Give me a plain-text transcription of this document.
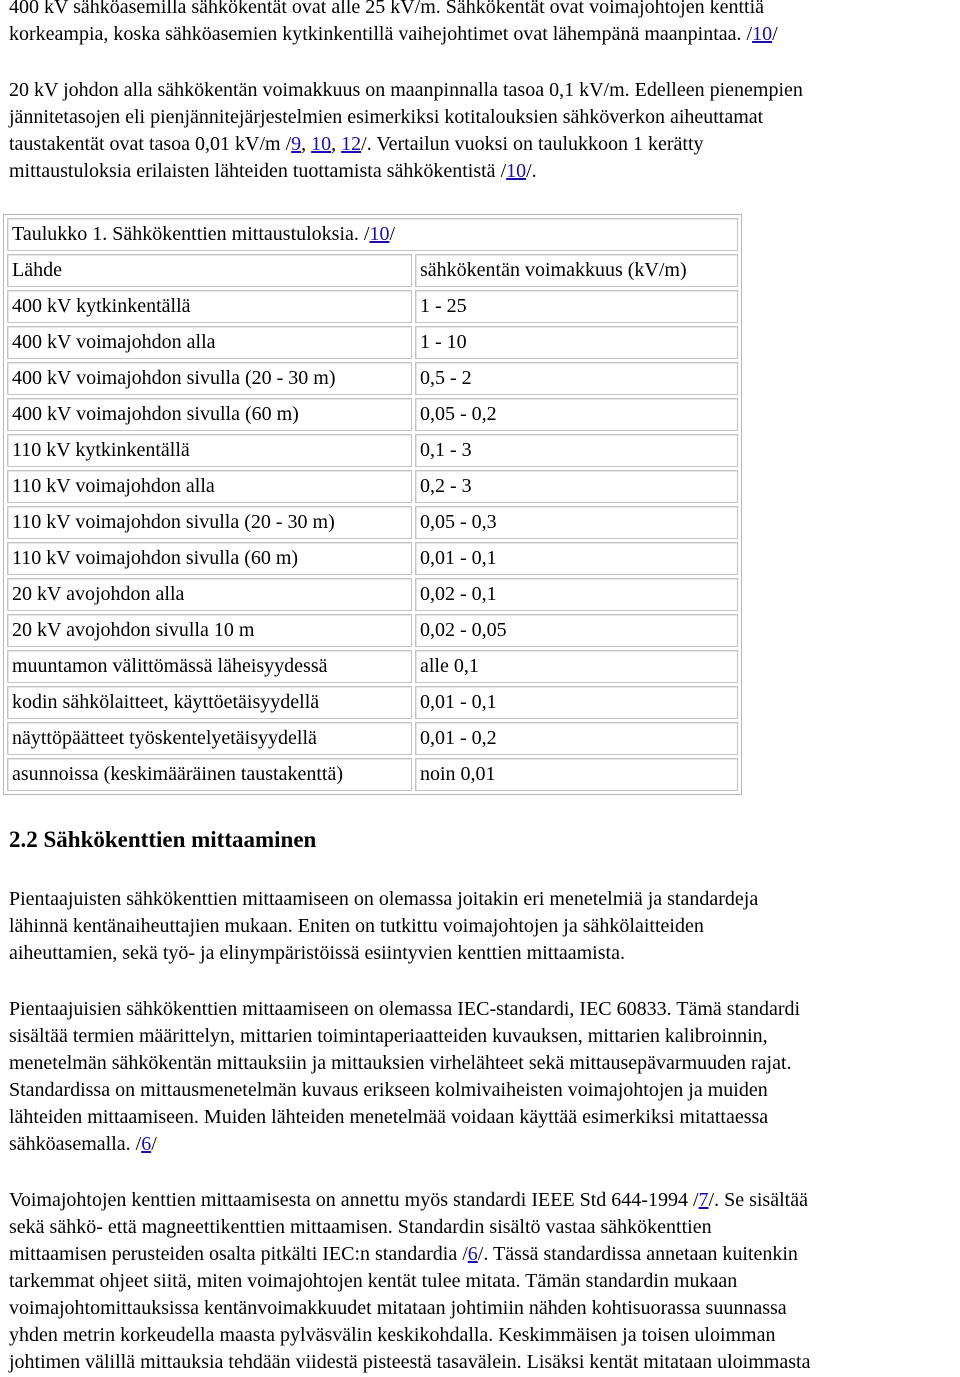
400 kV sähköasemilla sähkökentät ovat alle 25 kV/m. Sähkökentät ovat voimajohtojen kenttiä
korkeampia, koska sähköasemien kytkinkentillä vaihejohtimet ovat lähempänä maanpintaa. /10/

20 kV johdon alla sähkökentän voimakkuus on maanpinnalla tasoa 0,1 kV/m. Edelleen pienempien
jännitetasojen eli pienjännitejärjestelmien esimerkiksi kotitalouksien sähköverkon aiheuttamat
taustakentät ovat tasoa 0,01 kV/m /9, 10, 12/. Vertailun vuoksi on taulukkoon 1 kerätty
mittaustuloksia erilaisten lähteiden tuottamista sähkökentistä /10/.

Taulukko 1. Sähkökenttien mittaustuloksia. /10/	
Lähde	sähkökentän voimakkuus (kV/m)
400 kV kytkinkentällä	1 - 25
400 kV voimajohdon alla	1 - 10
400 kV voimajohdon sivulla (20 - 30 m)	0,5 - 2
400 kV voimajohdon sivulla (60 m)	0,05 - 0,2
110 kV kytkinkentällä	0,1 - 3
110 kV voimajohdon alla	0,2 - 3
110 kV voimajohdon sivulla (20 - 30 m)	0,05 - 0,3
110 kV voimajohdon sivulla (60 m)	0,01 - 0,1
20 kV avojohdon alla	0,02 - 0,1
20 kV avojohdon sivulla 10 m	0,02 - 0,05
muuntamon välittömässä läheisyydessä	alle 0,1
kodin sähkölaitteet, käyttöetäisyydellä	0,01 - 0,1
näyttöpäätteet työskentelyetäisyydellä	0,01 - 0,2
asunnoissa (keskimääräinen taustakenttä)	noin 0,01
2.2 Sähkökenttien mittaaminen

Pientaajuisten sähkökenttien mittaamiseen on olemassa joitakin eri menetelmiä ja standardeja
lähinnä kentänaiheuttajien mukaan. Eniten on tutkittu voimajohtojen ja sähkölaitteiden
aiheuttamien, sekä työ- ja elinympäristöissä esiintyvien kenttien mittaamista.

Pientaajuisien sähkökenttien mittaamiseen on olemassa IEC-standardi, IEC 60833. Tämä standardi
sisältää termien määrittelyn, mittarien toimintaperiaatteiden kuvauksen, mittarien kalibroinnin,
menetelmän sähkökentän mittauksiin ja mittauksien virhelähteet sekä mittausepävarmuuden rajat.
Standardissa on mittausmenetelmän kuvaus erikseen kolmivaiheisten voimajohtojen ja muiden
lähteiden mittaamiseen. Muiden lähteiden menetelmää voidaan käyttää esimerkiksi mitattaessa
sähköasemalla. /6/

Voimajohtojen kenttien mittaamisesta on annettu myös standardi IEEE Std 644-1994 /7/. Se sisältää
sekä sähkö- että magneettikenttien mittaamisen. Standardin sisältö vastaa sähkökenttien
mittaamisen perusteiden osalta pitkälti IEC:n standardia /6/. Tässä standardissa annetaan kuitenkin
tarkemmat ohjeet siitä, miten voimajohtojen kentät tulee mitata. Tämän standardin mukaan
voimajohtomittauksissa kentänvoimakkuudet mitataan johtimiin nähden kohtisuorassa suunnassa
yhden metrin korkeudella maasta pylväsvälin keskikohdalla. Keskimmäisen ja toisen uloimman
johtimen välillä mittauksia tehdään viidestä pisteestä tasavälein. Lisäksi kentät mitataan uloimmasta
